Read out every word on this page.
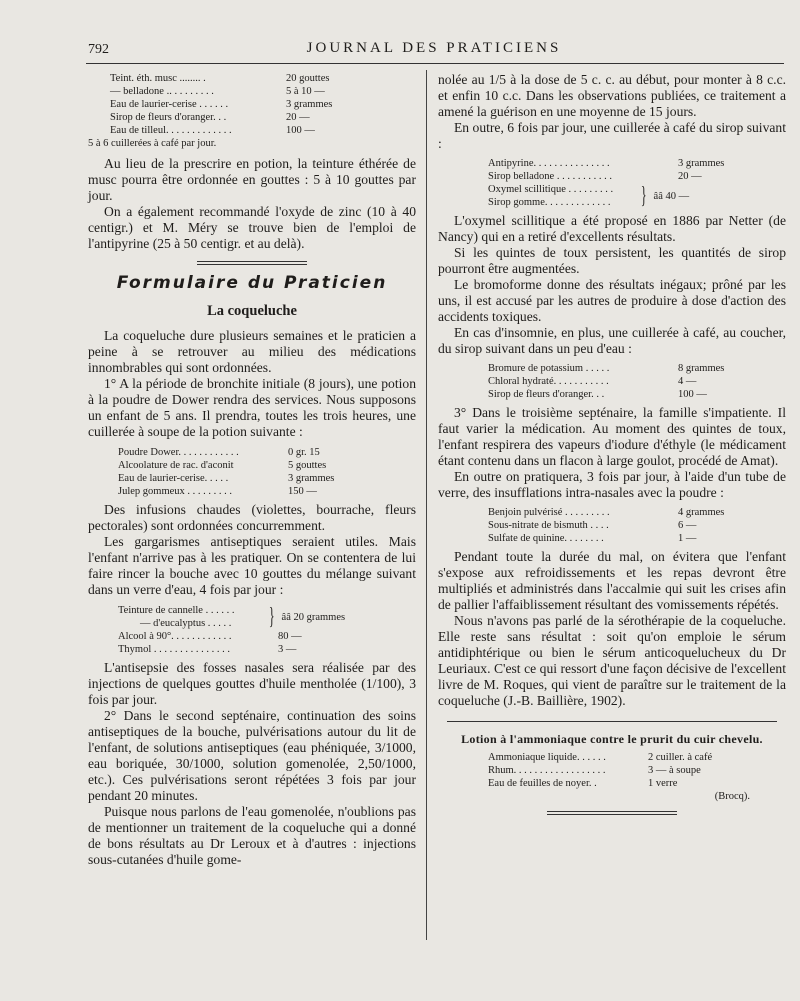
792	JOURNAL DES PRATICIENS
Teint. éth. musc ........ .	20 gouttes
— belladone .. . . . . . . . .	5 à 10 —
Eau de laurier-cerise . . . . . .	3 grammes
Sirop de fleurs d'oranger. . .	20 —
Eau de tilleul. . . . . . . . . . . . .	100 —
5 à 6 cuillerées à café par jour.

Au lieu de la prescrire en potion, la teinture éthérée de musc pourra être ordonnée en gouttes : 5 à 10 gouttes par jour.

On a également recommandé l'oxyde de zinc (10 à 40 centigr.) et M. Méry se trouve bien de l'emploi de l'antipyrine (25 à 50 centigr. et au delà).

Formulaire du Praticien
La coqueluche

La coqueluche dure plusieurs semaines et le praticien a peine à se retrouver au milieu des médications innombrables qui sont ordonnées.

1° A la période de bronchite initiale (8 jours), une potion à la poudre de Dower rendra des services. Nous supposons un enfant de 5 ans. Il prendra, toutes les trois heures, une cuillerée à soupe de la potion suivante :

Poudre Dower. . . . . . . . . . . .	0 gr. 15
Alcoolature de rac. d'aconit	5 gouttes
Eau de laurier-cerise. . . . .	3 grammes
Julep gommeux . . . . . . . . .	150 —

Des infusions chaudes (violettes, bourrache, fleurs pectorales) sont ordonnées concurremment.

Les gargarismes antiseptiques seraient utiles. Mais l'enfant n'arrive pas à les pratiquer. On se contentera de lui faire rincer la bouche avec 10 gouttes du mélange suivant dans un verre d'eau, 4 fois par jour :

Teinture de cannelle . . . . . .
— d'eucalyptus . . . . .	} ââ 20 grammes
Alcool à 90°. . . . . . . . . . . .	80 —
Thymol . . . . . . . . . . . . . . .	3 —

L'antisepsie des fosses nasales sera réalisée par des injections de quelques gouttes d'huile mentholée (1/100), 3 fois par jour.

2° Dans le second septénaire, continuation des soins antiseptiques de la bouche, pulvérisations autour du lit de l'enfant, de solutions antiseptiques (eau phéniquée, 3/1000, eau boriquée, 30/1000, solution gomenolée, 2,50/1000, etc.). Ces pulvérisations seront répétées 3 fois par jour pendant 20 minutes.

Puisque nous parlons de l'eau gomenolée, n'oublions pas de mentionner un traitement de la coqueluche qui a donné de bons résultats au Dr Leroux et à d'autres : injections sous-cutanées d'huile gome-

nolée au 1/5 à la dose de 5 c. c. au début, pour monter à 8 c.c. et enfin 10 c.c. Dans les observations publiées, ce traitement a amené la guérison en une moyenne de 15 jours.

En outre, 6 fois par jour, une cuillerée à café du sirop suivant :

Antipyrine. . . . . . . . . . . . . . .	3 grammes
Sirop belladone . . . . . . . . . . .	20 —
Oxymel scillitique . . . . . . . . .
Sirop gomme. . . . . . . . . . . . .	} ââ 40 —

L'oxymel scillitique a été proposé en 1886 par Netter (de Nancy) qui en a retiré d'excellents résultats.

Si les quintes de toux persistent, les quantités de sirop pourront être augmentées.

Le bromoforme donne des résultats inégaux; prôné par les uns, il est accusé par les autres de produire à dose d'action des accidents toxiques.

En cas d'insomnie, en plus, une cuillerée à café, au coucher, du sirop suivant dans un peu d'eau :

Bromure de potassium . . . . .	8 grammes
Chloral hydraté. . . . . . . . . . .	4 —
Sirop de fleurs d'oranger. . .	100 —

3° Dans le troisième septénaire, la famille s'impatiente. Il faut varier la médication. Au moment des quintes de toux, l'enfant respirera des vapeurs d'iodure d'éthyle (le médicament étant contenu dans un flacon à large goulot, procédé de Amat).

En outre on pratiquera, 3 fois par jour, à l'aide d'un tube de verre, des insufflations intra-nasales avec la poudre :

Benjoin pulvérisé . . . . . . . . .	4 grammes
Sous-nitrate de bismuth . . . .	6 —
Sulfate de quinine. . . . . . . .	1 —

Pendant toute la durée du mal, on évitera que l'enfant s'expose aux refroidissements et les repas devront être multipliés et administrés dans l'accalmie qui suit les crises afin de pallier l'affaiblissement résultant des vomissements répétés.

Nous n'avons pas parlé de la sérothérapie de la coqueluche. Elle reste sans résultat : soit qu'on emploie le sérum antidiphtérique ou bien le sérum anticoquelucheux du Dr Leuriaux. C'est ce qui ressort d'une façon décisive de l'excellent livre de M. Roques, qui vient de paraître sur le traitement de la coqueluche (J.-B. Baillière, 1902).

Lotion à l'ammoniaque contre le prurit du cuir chevelu.
Ammoniaque liquide. . . . . .	2 cuiller. à café
Rhum. . . . . . . . . . . . . . . . . .	3 — à soupe
Eau de feuilles de noyer. .	1 verre
(Brocq).
